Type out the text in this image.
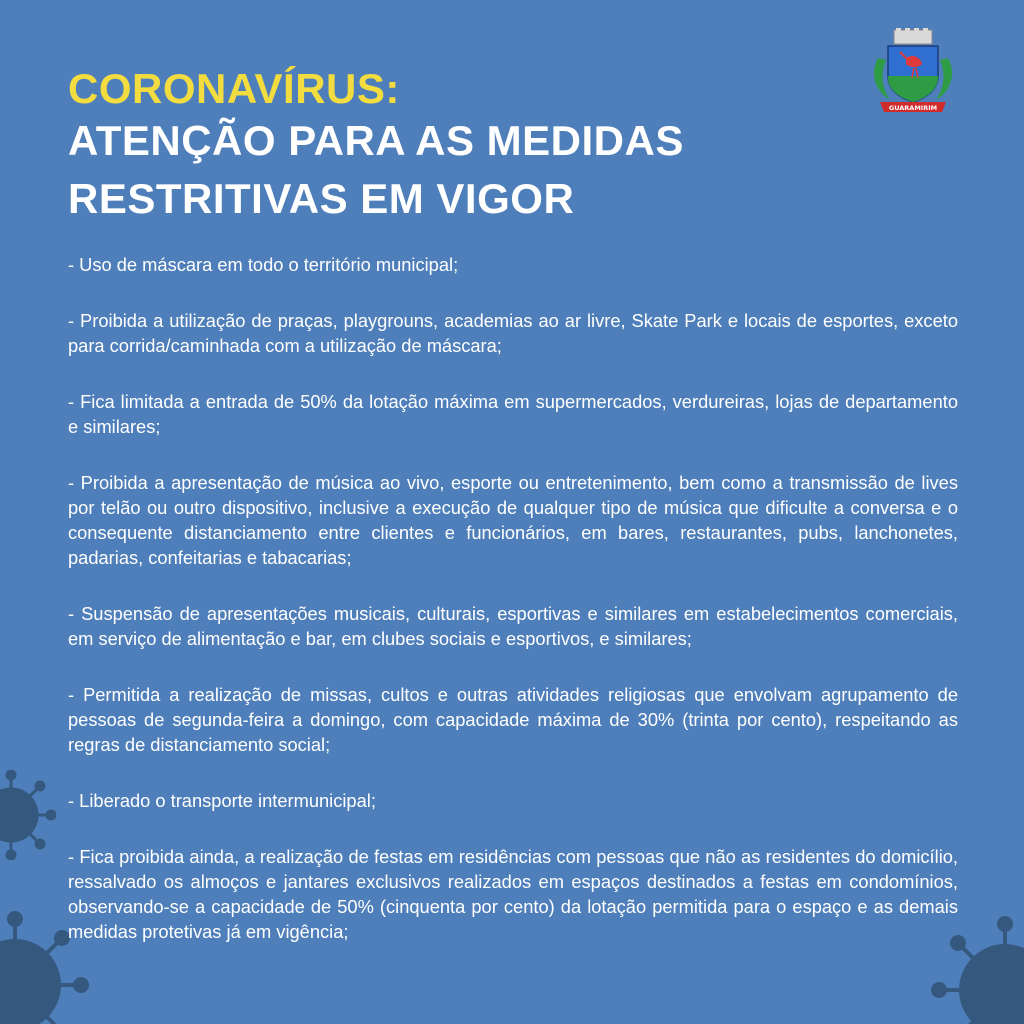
CORONAVÍRUS:

ATENÇÃO PARA AS MEDIDAS

RESTRITIVAS EM VIGOR

GUARAMIRIM
- Uso de máscara em todo o território municipal;
- Proibida a utilização de praças, playgrouns, academias ao ar livre, Skate Park e locais de esportes, exceto para corrida/caminhada com a utilização de máscara;
- Fica limitada a entrada de 50% da lotação máxima em supermercados, verdureiras, lojas de departamento e similares;
- Proibida a apresentação de música ao vivo, esporte ou entretenimento, bem como a transmissão de lives por telão ou outro dispositivo, inclusive a execução de qualquer tipo de música que dificulte a conversa e o consequente distanciamento entre clientes e funcionários, em bares, restaurantes, pubs, lanchonetes, padarias, confeitarias e tabacarias;
- Suspensão de apresentações musicais, culturais, esportivas e similares em estabelecimentos comerciais, em serviço de alimentação e bar, em clubes sociais e esportivos, e similares;
- Permitida a realização de missas, cultos e outras atividades religiosas que envolvam agrupamento de pessoas de segunda-feira a domingo, com capacidade máxima de 30% (trinta por cento), respeitando as regras de distanciamento social;
- Liberado o transporte intermunicipal;
- Fica proibida ainda, a realização de festas em residências com pessoas que não as residentes do domicílio, ressalvado os almoços e jantares exclusivos realizados em espaços destinados a festas em condomínios, observando-se a capacidade de 50% (cinquenta por cento) da lotação permitida para o espaço e as demais medidas protetivas já em vigência;
